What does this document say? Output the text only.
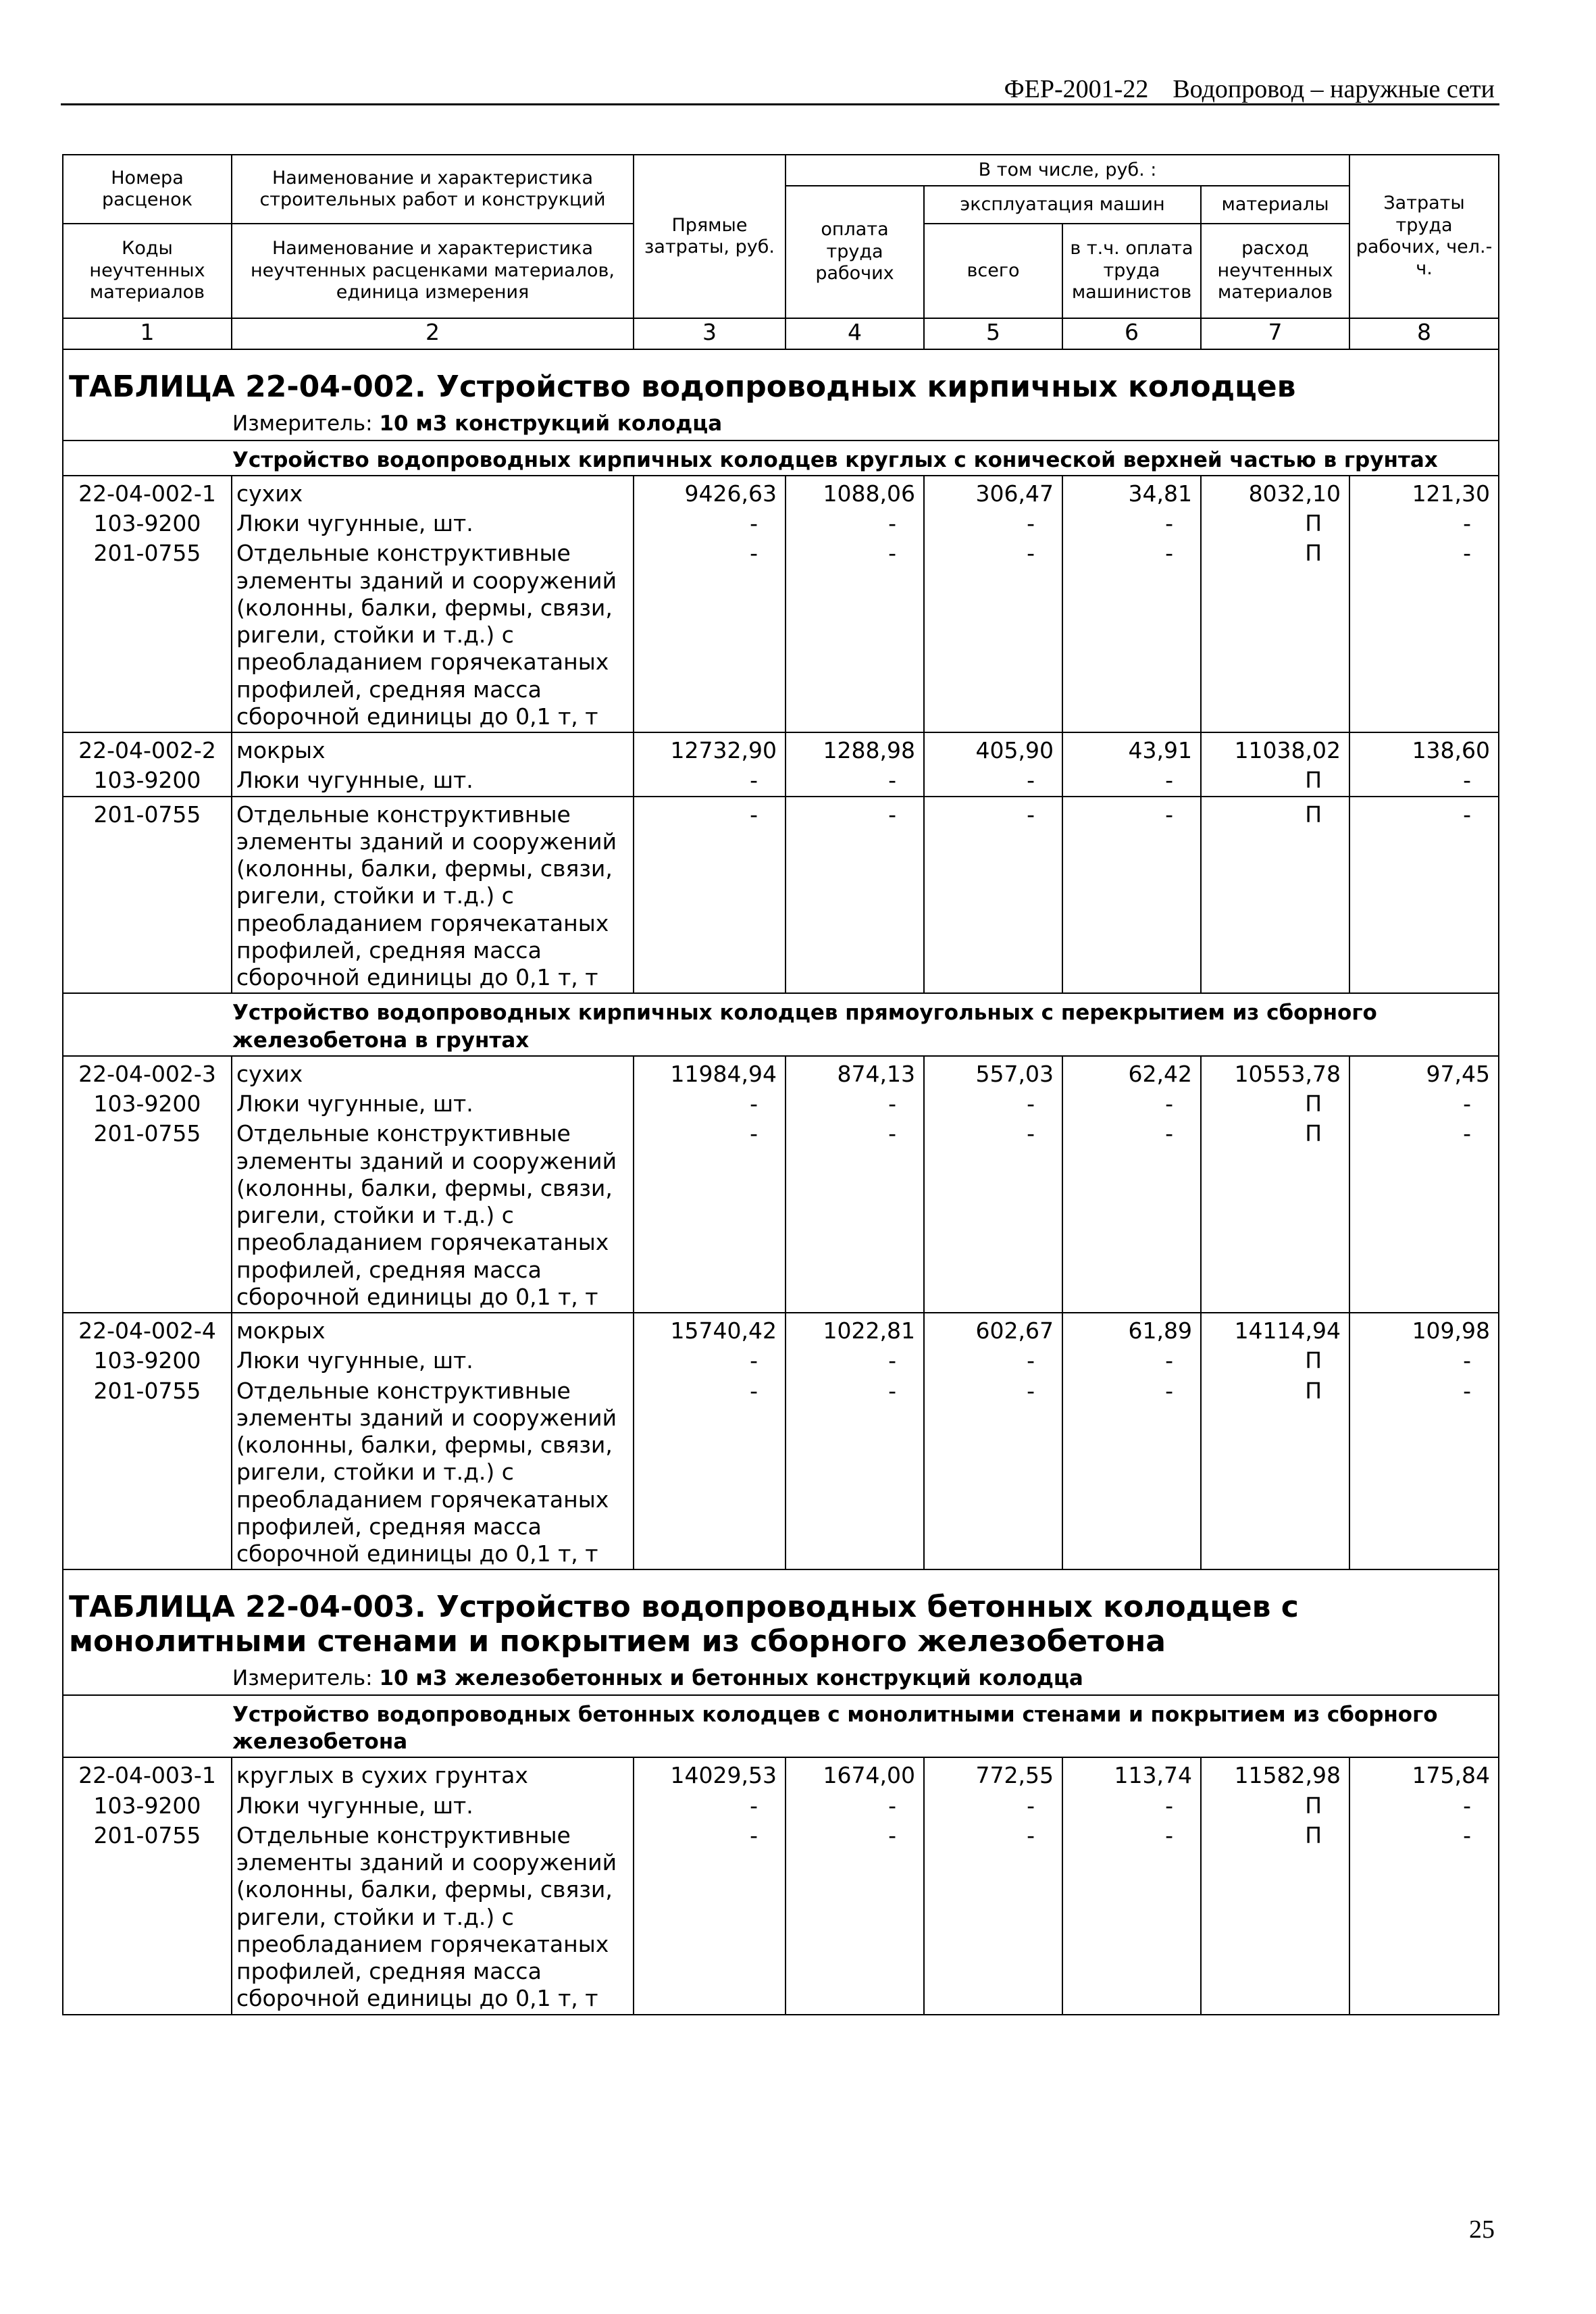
ФЕР-2001-22 Водопровод – наружные сети
Номера расценок	Наименование и характеристика строительных работ и конструкций	Прямые затраты, руб.	В том числе, руб. :				Затраты труда рабочих, чел.-ч.
			оплата труда рабочих	эксплуатация машин		материалы	
Коды неучтенных материалов	Наименование и характеристика неучтенных расценками материалов, единица измерения			всего	в т.ч. оплата труда машинистов	расход неучтенных материалов	

1	2	3	4	5	6	7	8
ТАБЛИЦА 22-04-002. Устройство водопроводных кирпичных колодцев							
Измеритель: 10 м3 конструкций колодца							
Устройство водопроводных кирпичных колодцев круглых с конической верхней частью в грунтах							
22-04-002-1	сухих	9426,63	1088,06	306,47	34,81	8032,10	121,30
103-9200	Люки чугунные, шт.	-	-	-	-	П	-
201-0755	Отдельные конструктивные элементы зданий и сооружений (колонны, балки, фермы, связи, ригели, стойки и т.д.) с преобладанием горячекатаных профилей, средняя масса сборочной единицы до 0,1 т, т	-	-	-	-	П	-
22-04-002-2	мокрых	12732,90	1288,98	405,90	43,91	11038,02	138,60
103-9200	Люки чугунные, шт.	-	-	-	-	П	-
201-0755	Отдельные конструктивные элементы зданий и сооружений (колонны, балки, фермы, связи, ригели, стойки и т.д.) с преобладанием горячекатаных профилей, средняя масса сборочной единицы до 0,1 т, т	-	-	-	-	П	-
Устройство водопроводных кирпичных колодцев прямоугольных с перекрытием из сборного железобетона в грунтах							
22-04-002-3	сухих	11984,94	874,13	557,03	62,42	10553,78	97,45
103-9200	Люки чугунные, шт.	-	-	-	-	П	-
201-0755	Отдельные конструктивные элементы зданий и сооружений (колонны, балки, фермы, связи, ригели, стойки и т.д.) с преобладанием горячекатаных профилей, средняя масса сборочной единицы до 0,1 т, т	-	-	-	-	П	-
22-04-002-4	мокрых	15740,42	1022,81	602,67	61,89	14114,94	109,98
103-9200	Люки чугунные, шт.	-	-	-	-	П	-
201-0755	Отдельные конструктивные элементы зданий и сооружений (колонны, балки, фермы, связи, ригели, стойки и т.д.) с преобладанием горячекатаных профилей, средняя масса сборочной единицы до 0,1 т, т	-	-	-	-	П	-
ТАБЛИЦА 22-04-003. Устройство водопроводных бетонных колодцев с монолитными стенами и покрытием из сборного железобетона							
Измеритель: 10 м3 железобетонных и бетонных конструкций колодца							
Устройство водопроводных бетонных колодцев с монолитными стенами и покрытием из сборного железобетона							
22-04-003-1	круглых в сухих грунтах	14029,53	1674,00	772,55	113,74	11582,98	175,84
103-9200	Люки чугунные, шт.	-	-	-	-	П	-
201-0755	Отдельные конструктивные элементы зданий и сооружений (колонны, балки, фермы, связи, ригели, стойки и т.д.) с преобладанием горячекатаных профилей, средняя масса сборочной единицы до 0,1 т, т	-	-	-	-	П	-
25
